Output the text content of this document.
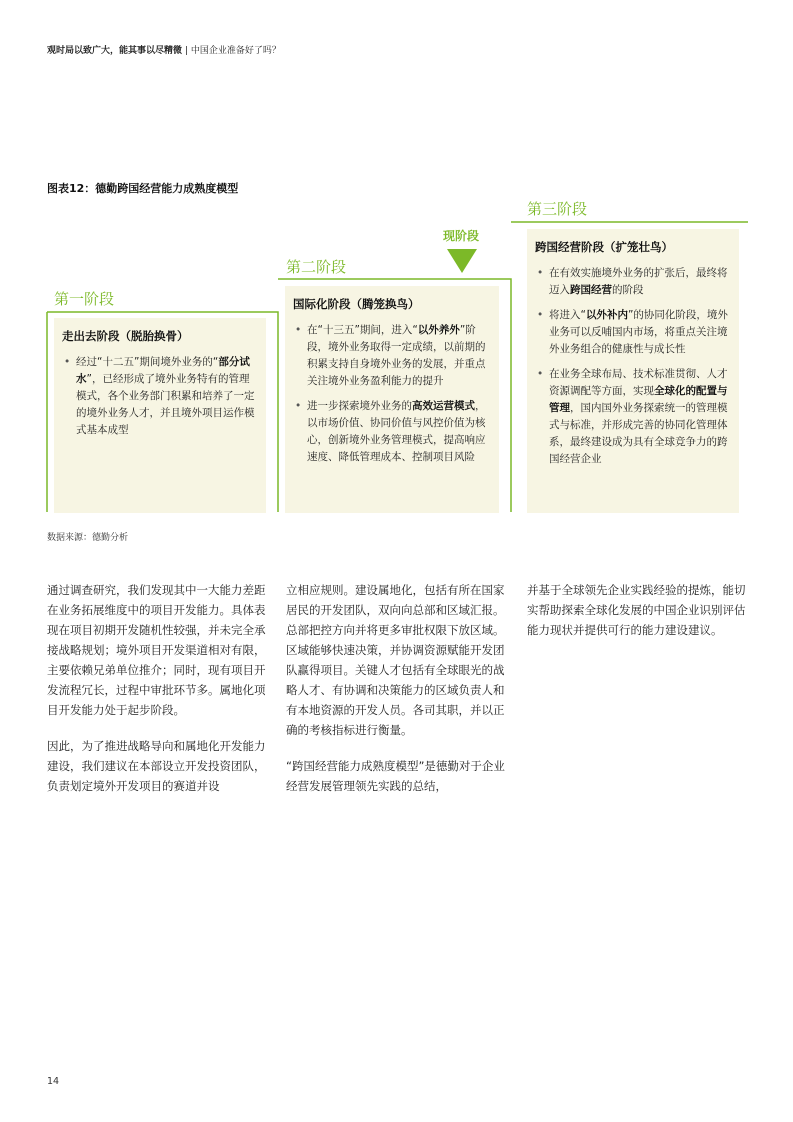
观时局以致广大，能其事以尽精微 | 中国企业准备好了吗？
图表12：德勤跨国经营能力成熟度模型
现阶段
第一阶段
第二阶段
第三阶段
走出去阶段（脱胎换骨）
• 经过“十二五”期间境外业务的“部分试水”，已经形成了境外业务特有的管理模式，各个业务部门积累和培养了一定的境外业务人才，并且境外项目运作模式基本成型
国际化阶段（腾笼换鸟）
• 在“十三五”期间，进入“以外养外”阶段，境外业务取得一定成绩，以前期的积累支持自身境外业务的发展，并重点关注境外业务盈利能力的提升
• 进一步探索境外业务的高效运营模式，以市场价值、协同价值与风控价值为核心，创新境外业务管理模式，提高响应速度、降低管理成本、控制项目风险
跨国经营阶段（扩笼壮鸟）
• 在有效实施境外业务的扩张后，最终将迈入跨国经营的阶段
• 将进入“以外补内”的协同化阶段，境外业务可以反哺国内市场，将重点关注境外业务组合的健康性与成长性
• 在业务全球布局、技术标准贯彻、人才资源调配等方面，实现全球化的配置与管理，国内国外业务探索统一的管理模式与标准，并形成完善的协同化管理体系，最终建设成为具有全球竞争力的跨国经营企业
数据来源：德勤分析

通过调查研究，我们发现其中一大能力差距在业务拓展维度中的项目开发能力。具体表现在项目初期开发随机性较强，并未完全承接战略规划；境外项目开发渠道相对有限，主要依赖兄弟单位推介；同时，现有项目开发流程冗长，过程中审批环节多。属地化项目开发能力处于起步阶段。

因此，为了推进战略导向和属地化开发能力建设，我们建议在本部设立开发投资团队，负责划定境外开发项目的赛道并设

立相应规则。建设属地化，包括有所在国家居民的开发团队，双向向总部和区域汇报。总部把控方向并将更多审批权限下放区域。区域能够快速决策，并协调资源赋能开发团队赢得项目。关键人才包括有全球眼光的战略人才、有协调和决策能力的区域负责人和有本地资源的开发人员。各司其职，并以正确的考核指标进行衡量。

“跨国经营能力成熟度模型”是德勤对于企业经营发展管理领先实践的总结，

并基于全球领先企业实践经验的提炼，能切实帮助探索全球化发展的中国企业识别评估能力现状并提供可行的能力建设建议。

14
